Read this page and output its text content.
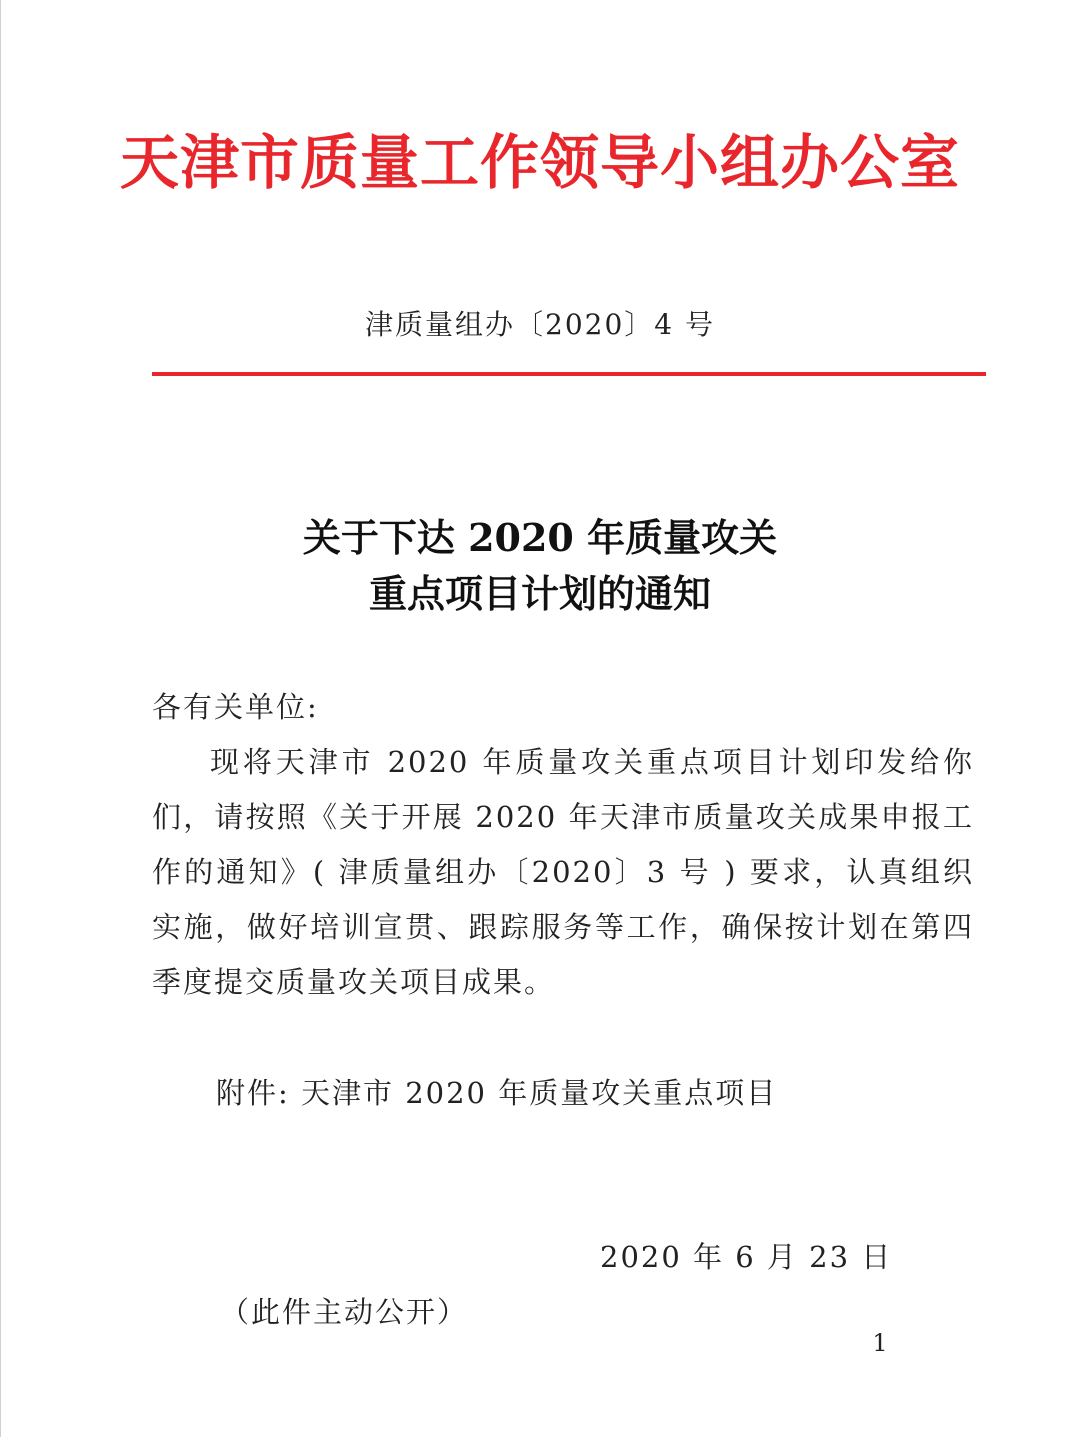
天津市质量工作领导小组办公室
津质量组办〔2020〕4 号
关于下达 2020 年质量攻关
重点项目计划的通知
各有关单位:
现将天津市 2020 年质量攻关重点项目计划印发给你们，请按照《关于开展 2020 年天津市质量攻关成果申报工作的通知》( 津质量组办〔2020〕3 号 ) 要求，认真组织实施，做好培训宣贯、跟踪服务等工作，确保按计划在第四季度提交质量攻关项目成果。
附件: 天津市 2020 年质量攻关重点项目
2020 年 6 月 23 日
（此件主动公开）
1
